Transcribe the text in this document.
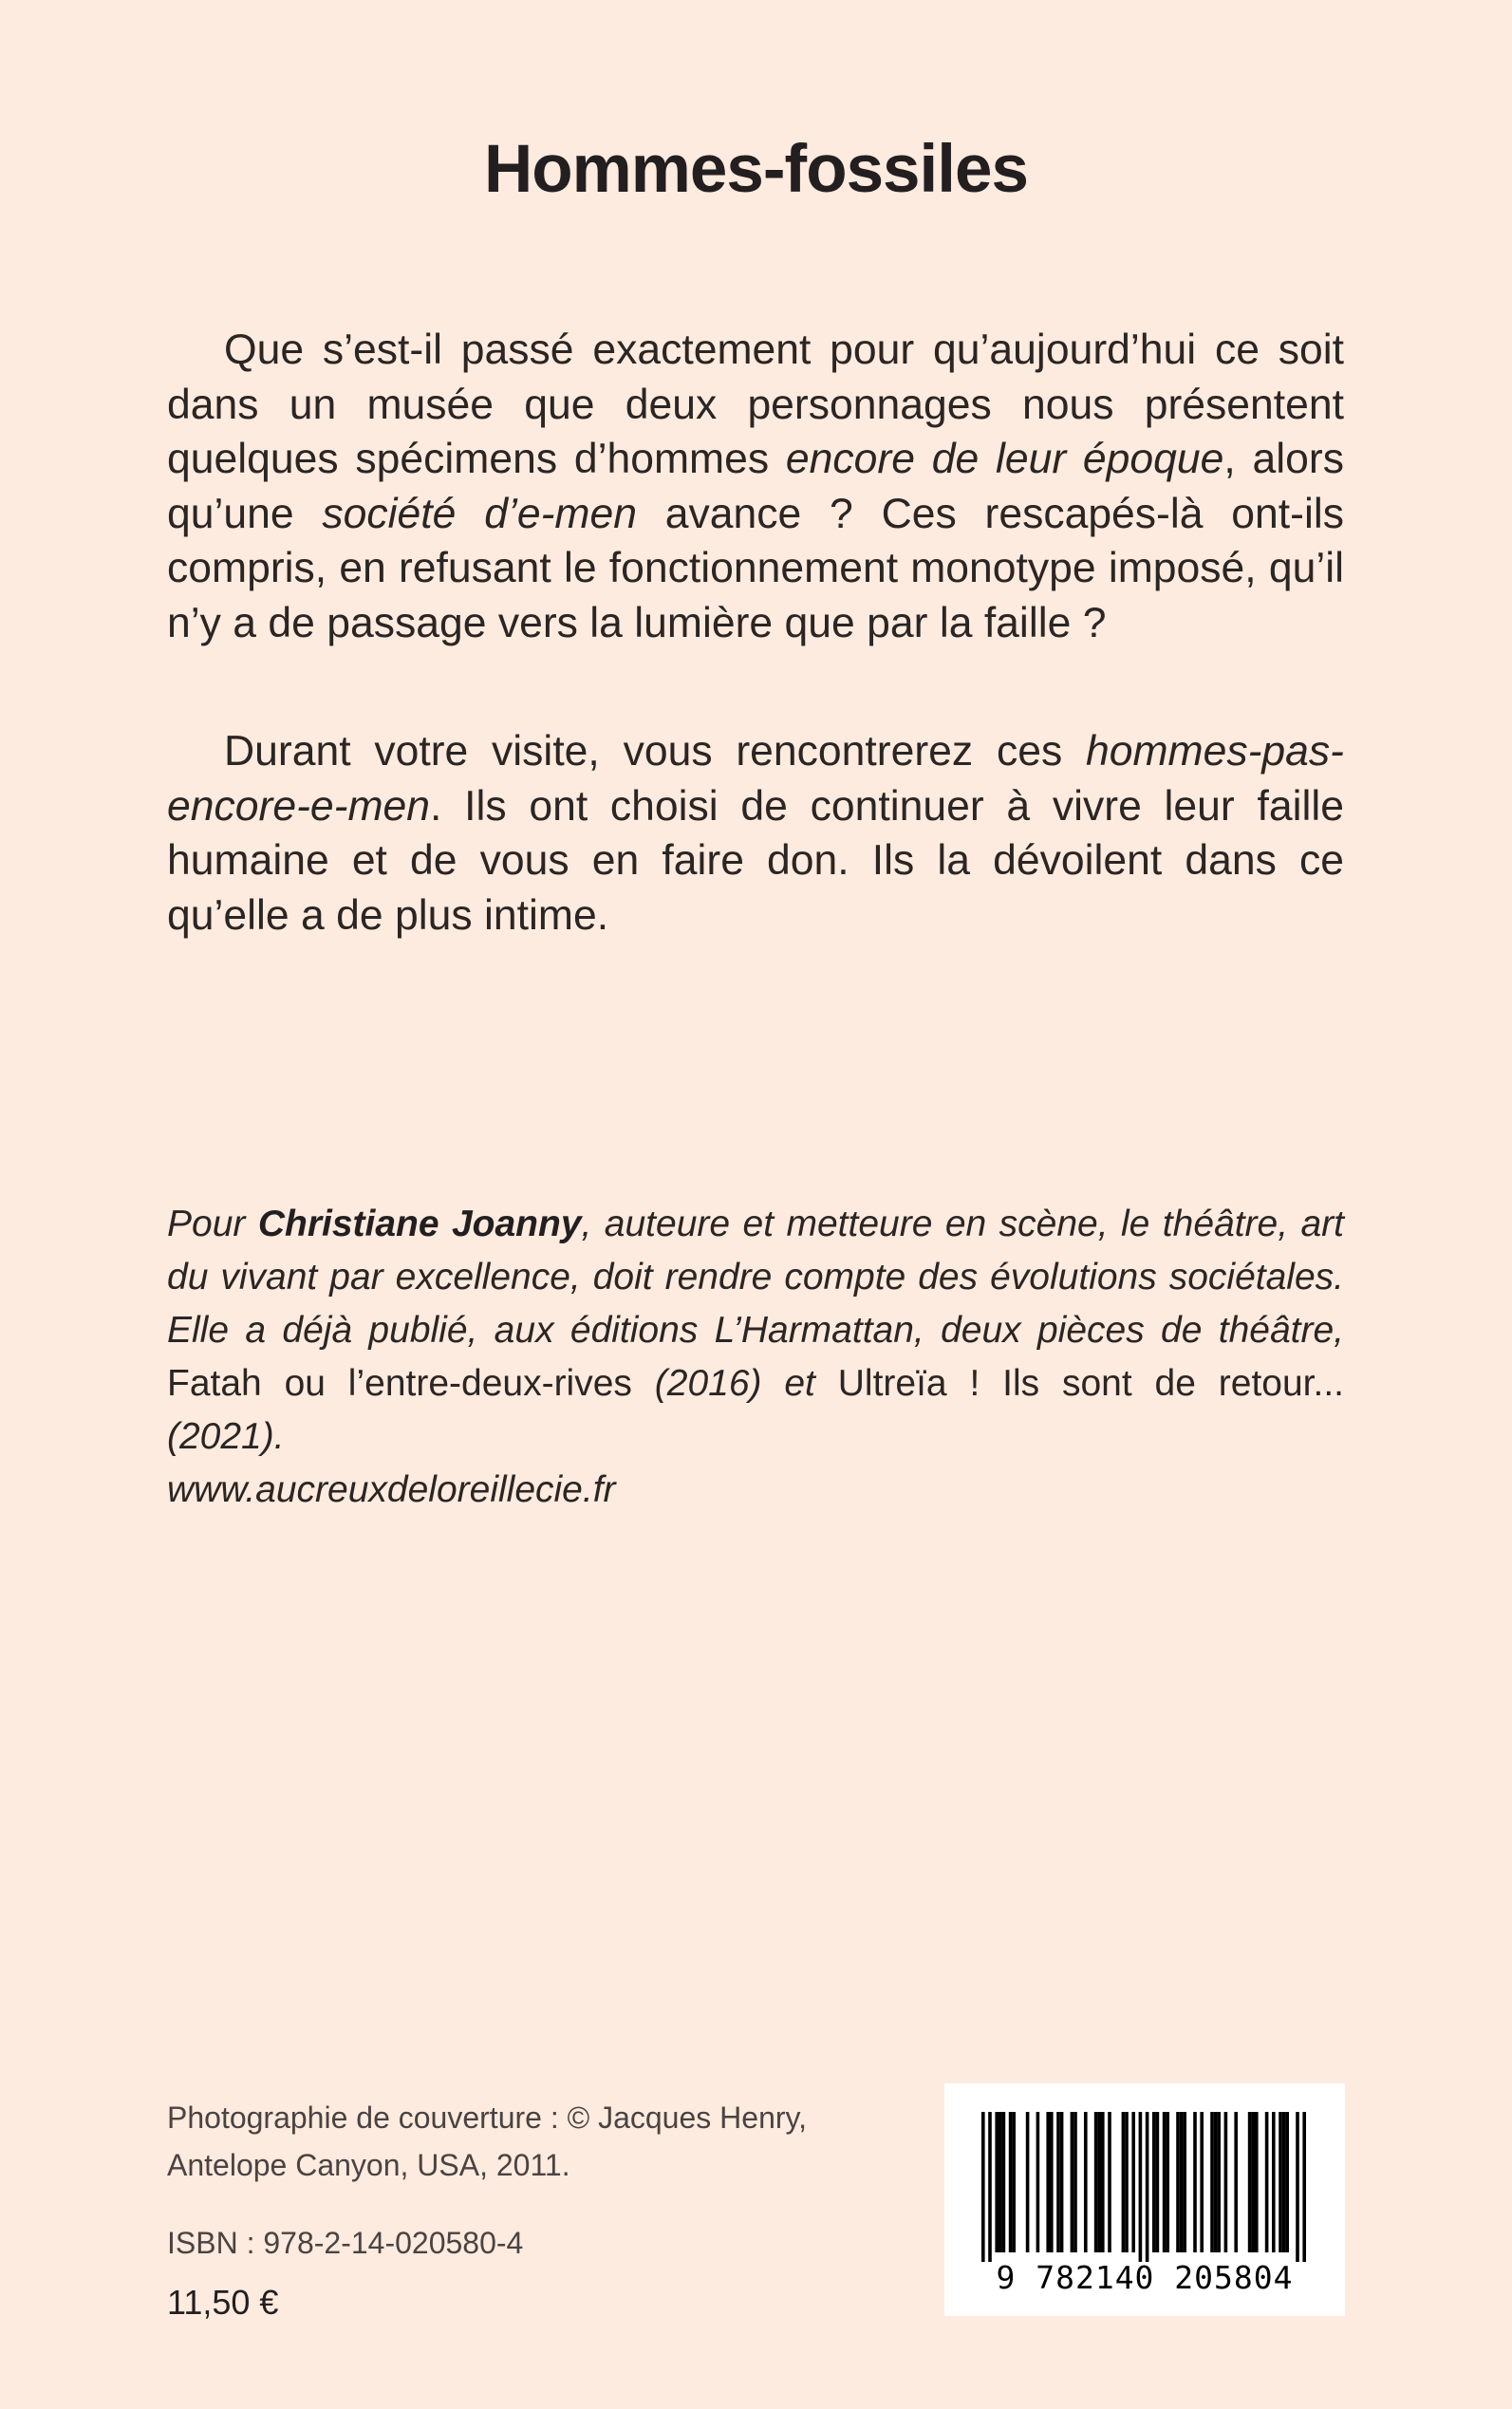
Hommes-fossiles

Que s’est-il passé exactement pour qu’aujourd’hui ce soit dans un musée que deux personnages nous présentent quelques spécimens d’hommes encore de leur époque, alors qu’une société d’e-men avance ? Ces rescapés-là ont-ils compris, en refusant le fonctionnement monotype imposé, qu’il n’y a de passage vers la lumière que par la faille ?

Durant votre visite, vous rencontrerez ces hommes-pas-encore-e-men. Ils ont choisi de continuer à vivre leur faille humaine et de vous en faire don. Ils la dévoilent dans ce qu’elle a de plus intime.

Pour Christiane Joanny, auteure et metteure en scène, le théâtre, art du vivant par excellence, doit rendre compte des évolutions sociétales. Elle a déjà publié, aux éditions L’Harmattan, deux pièces de théâtre, Fatah ou l’entre-deux-rives (2016) et Ultreïa ! Ils sont de retour... (2021).
www.aucreuxdeloreillecie.fr
Photographie de couverture : © Jacques Henry,
Antelope Canyon, USA, 2011.
ISBN : 978-2-14-020580-4
11,50 €
9 782140 205804
